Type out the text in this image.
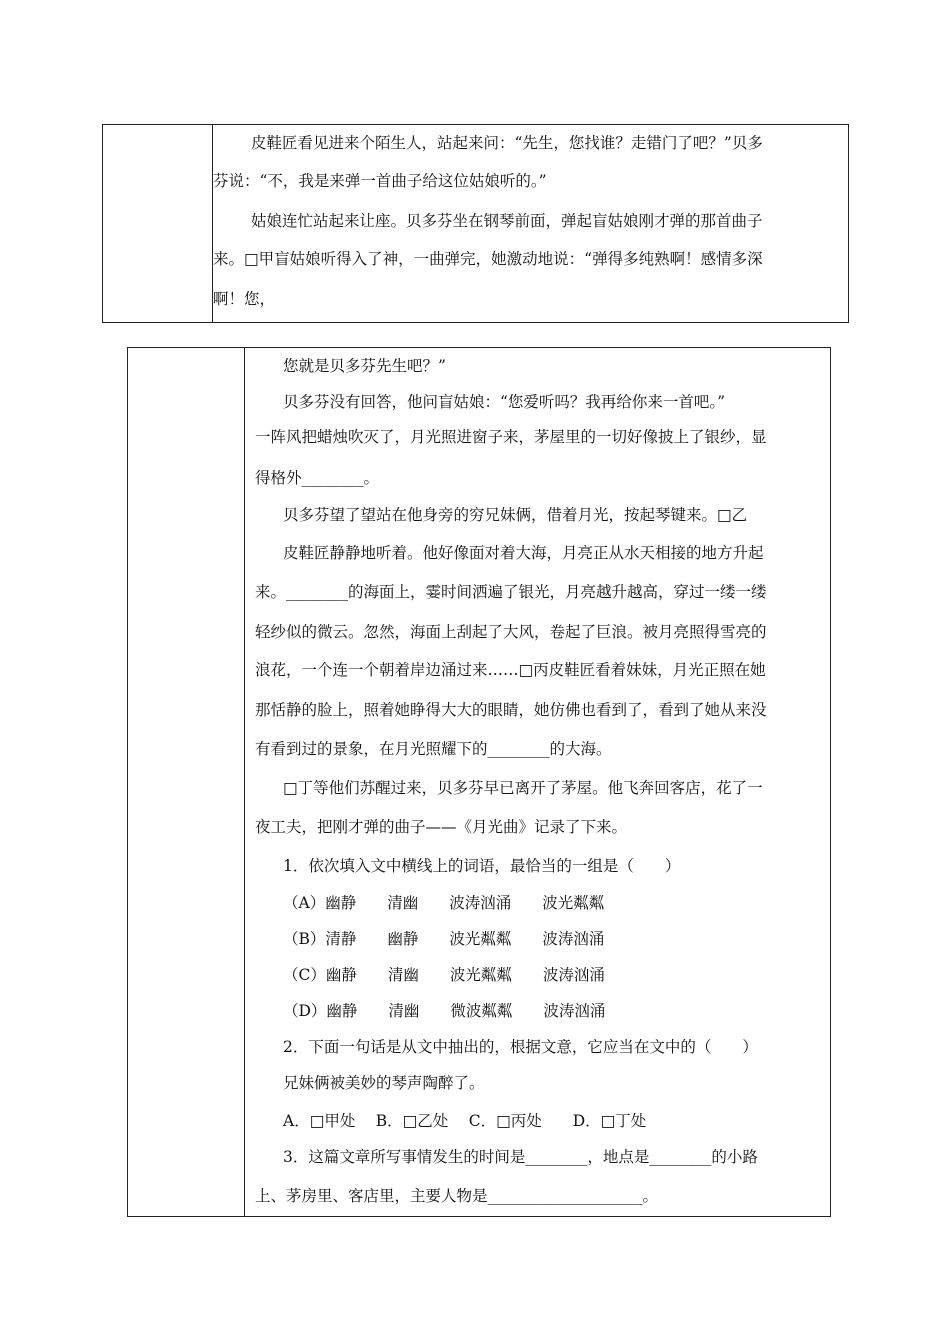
皮鞋匠看见进来个陌生人，站起来问：“先生，您找谁？走错门了吧？”贝多

芬说：“不，我是来弹一首曲子给这位姑娘听的。”

姑娘连忙站起来让座。贝多芬坐在钢琴前面，弹起盲姑娘刚才弹的那首曲子

来。□甲盲姑娘听得入了神，一曲弹完，她激动地说：“弹得多纯熟啊！感情多深

啊！您，

您就是贝多芬先生吧？”

贝多芬没有回答，他问盲姑娘：“您爱听吗？我再给你来一首吧。”

一阵风把蜡烛吹灭了，月光照进窗子来，茅屋里的一切好像披上了银纱，显

得格外________。

贝多芬望了望站在他身旁的穷兄妹俩，借着月光，按起琴键来。□乙

皮鞋匠静静地听着。他好像面对着大海，月亮正从水天相接的地方升起

来。________的海面上，霎时间洒遍了银光，月亮越升越高，穿过一缕一缕

轻纱似的微云。忽然，海面上刮起了大风，卷起了巨浪。被月亮照得雪亮的

浪花，一个连一个朝着岸边涌过来……□丙皮鞋匠看着妹妹，月光正照在她

那恬静的脸上，照着她睁得大大的眼睛，她仿佛也看到了，看到了她从来没

有看到过的景象，在月光照耀下的________的大海。

□丁等他们苏醒过来，贝多芬早已离开了茅屋。他飞奔回客店，花了一

夜工夫，把刚才弹的曲子——《月光曲》记录了下来。

1．依次填入文中横线上的词语，最恰当的一组是（　　）

（A）幽静　　清幽　　波涛汹涌　　波光粼粼

（B）清静　　幽静　　波光粼粼　　波涛汹涌

（C）幽静　　清幽　　波光粼粼　　波涛汹涌

（D）幽静　　清幽　　微波粼粼　　波涛汹涌

2．下面一句话是从文中抽出的，根据文意，它应当在文中的（　　）

兄妹俩被美妙的琴声陶醉了。

A．□甲处　 B．□乙处　 C．□丙处　　D．□丁处

3．这篇文章所写事情发生的时间是________，地点是________的小路

上、茅房里、客店里，主要人物是____________________。
